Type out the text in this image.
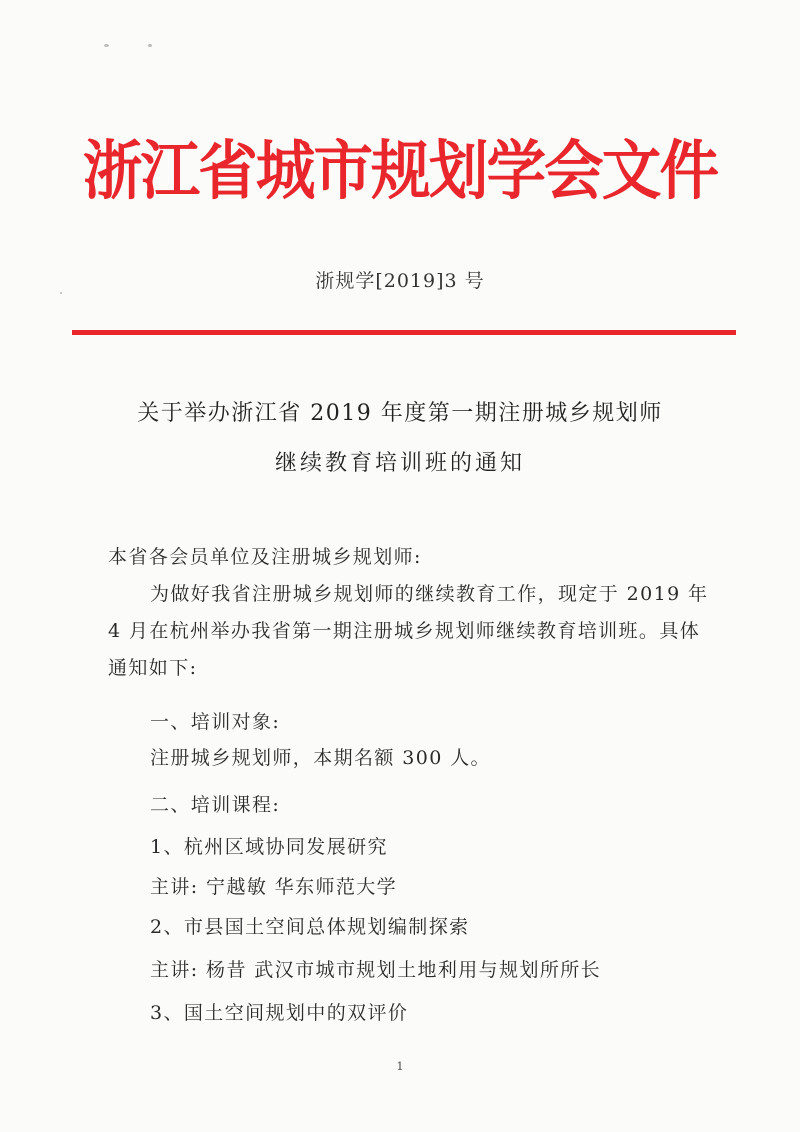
浙江省城市规划学会文件
浙规学[2019]3 号
关于举办浙江省 2019 年度第一期注册城乡规划师
继续教育培训班的通知
本省各会员单位及注册城乡规划师:
为做好我省注册城乡规划师的继续教育工作，现定于 2019 年
4 月在杭州举办我省第一期注册城乡规划师继续教育培训班。具体
通知如下:
一、培训对象:
注册城乡规划师，本期名额 300 人。
二、培训课程:
1、杭州区域协同发展研究
主讲: 宁越敏 华东师范大学
2、市县国土空间总体规划编制探索
主讲: 杨昔 武汉市城市规划土地利用与规划所所长
3、国土空间规划中的双评价
1
